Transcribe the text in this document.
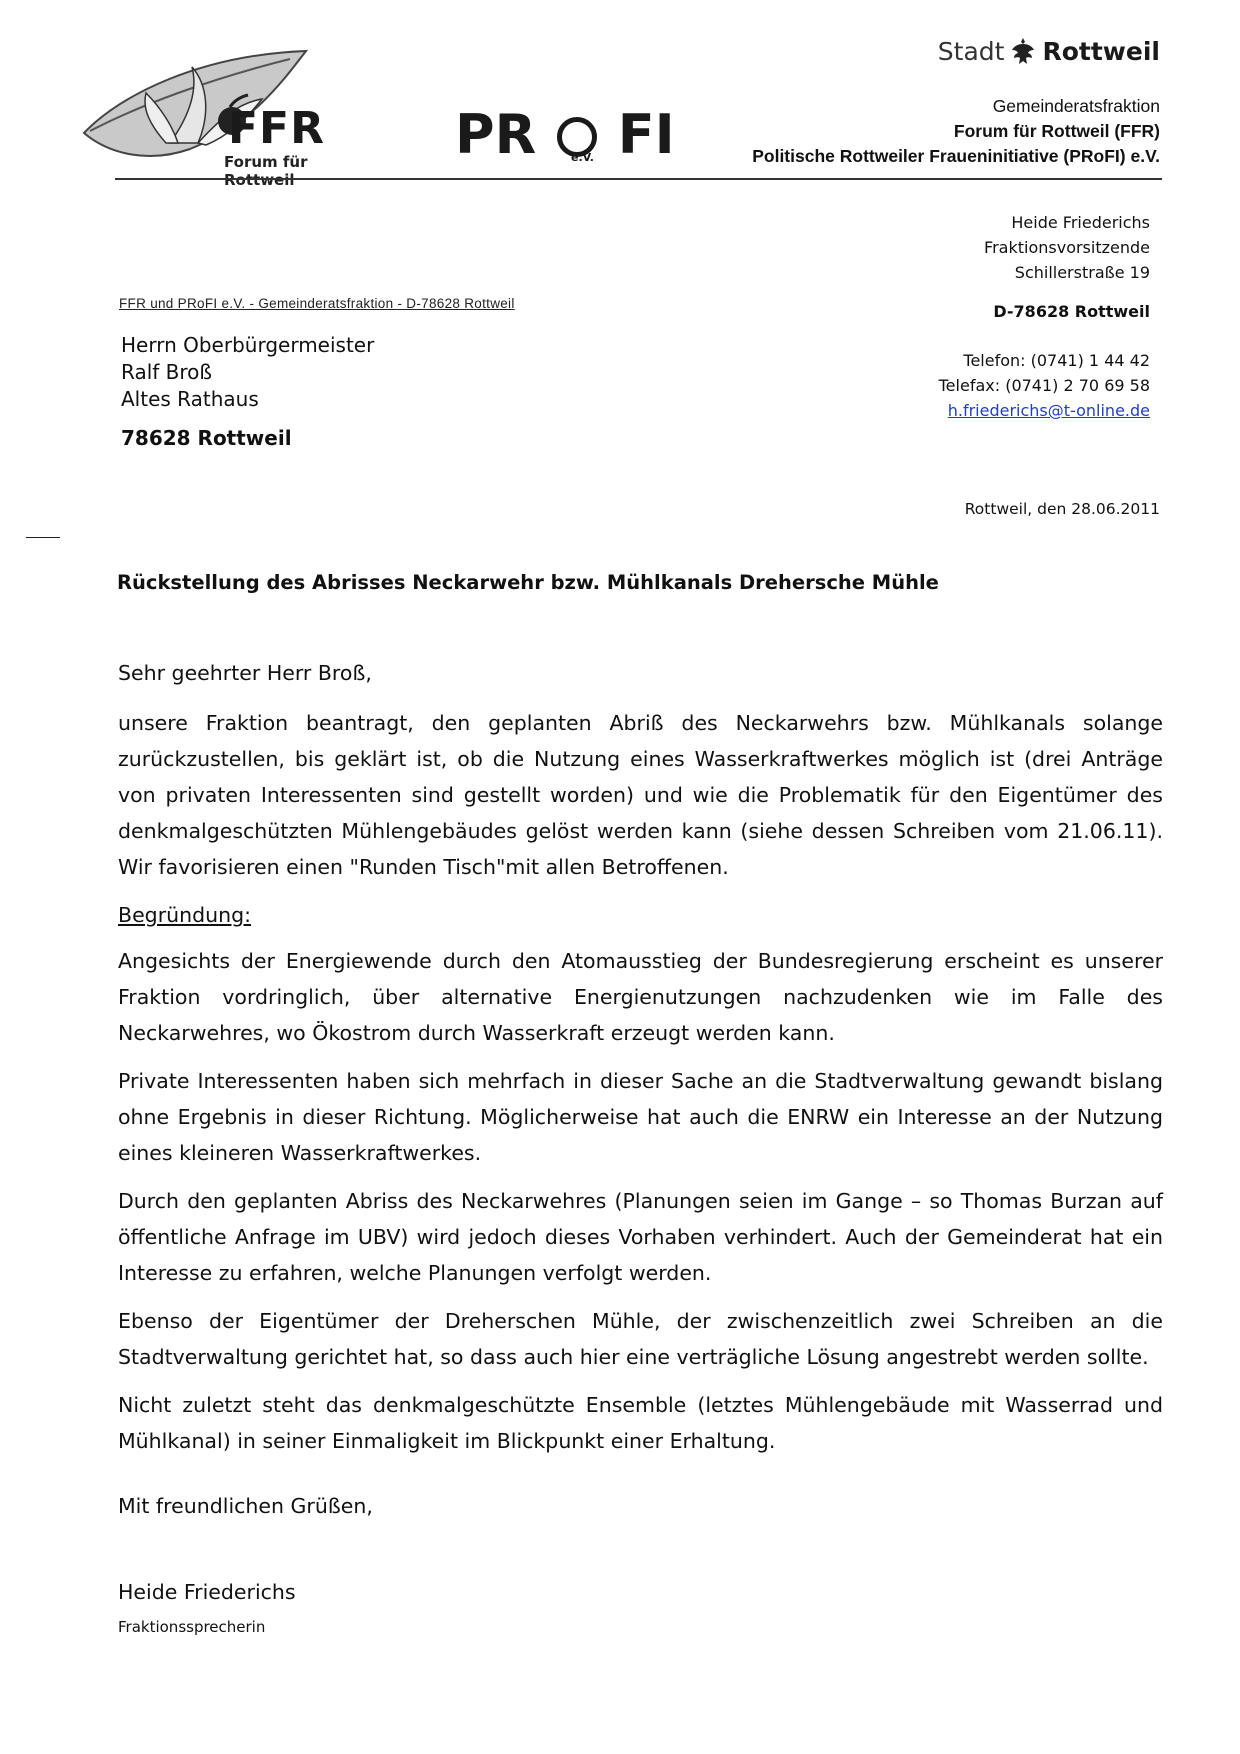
FFR
Forum für Rottweil
PR	e.V. FI
Stadt Rottweil
Gemeinderatsfraktion
Forum für Rottweil (FFR)
Politische Rottweiler Fraueninitiative (PRoFI) e.V.
Heide Friederichs
Fraktionsvorsitzende
Schillerstraße 19
D-78628 Rottweil
Telefon: (0741) 1 44 42
Telefax: (0741) 2 70 69 58
h.friederichs@t-online.de
FFR und PRoFI e.V. - Gemeinderatsfraktion - D-78628 Rottweil
Herrn Oberbürgermeister
Ralf Broß
Altes Rathaus
78628 Rottweil
Rottweil, den 28.06.2011
Rückstellung des Abrisses Neckarwehr bzw. Mühlkanals Drehersche Mühle

Sehr geehrter Herr Broß,

unsere Fraktion beantragt, den geplanten Abriß des Neckarwehrs bzw. Mühlkanals solange zurückzustellen, bis geklärt ist, ob die Nutzung eines Wasserkraftwerkes möglich ist (drei Anträge von privaten Interessenten sind gestellt worden) und wie die Problematik für den Eigentümer des denkmalgeschützten Mühlengebäudes gelöst werden kann (siehe dessen Schreiben vom 21.06.11). Wir favorisieren einen "Runden Tisch"mit allen Betroffenen.

Begründung:

Angesichts der Energiewende durch den Atomausstieg der Bundesregierung erscheint es unserer Fraktion vordringlich, über alternative Energienutzungen nachzudenken wie im Falle des Neckarwehres, wo Ökostrom durch Wasserkraft erzeugt werden kann.

Private Interessenten haben sich mehrfach in dieser Sache an die Stadtverwaltung gewandt bislang ohne Ergebnis in dieser Richtung. Möglicherweise hat auch die ENRW ein Interesse an der Nutzung eines kleineren Wasserkraftwerkes.

Durch den geplanten Abriss des Neckarwehres (Planungen seien im Gange – so Thomas Burzan auf öffentliche Anfrage im UBV) wird jedoch dieses Vorhaben verhindert. Auch der Gemeinderat hat ein Interesse zu erfahren, welche Planungen verfolgt werden.

Ebenso der Eigentümer der Dreherschen Mühle, der zwischenzeitlich zwei Schreiben an die Stadtverwaltung gerichtet hat, so dass auch hier eine verträgliche Lösung angestrebt werden sollte.

Nicht zuletzt steht das denkmalgeschützte Ensemble (letztes Mühlengebäude mit Wasserrad und Mühlkanal) in seiner Einmaligkeit im Blickpunkt einer Erhaltung.

Mit freundlichen Grüßen,
Heide Friederichs
Fraktionssprecherin
